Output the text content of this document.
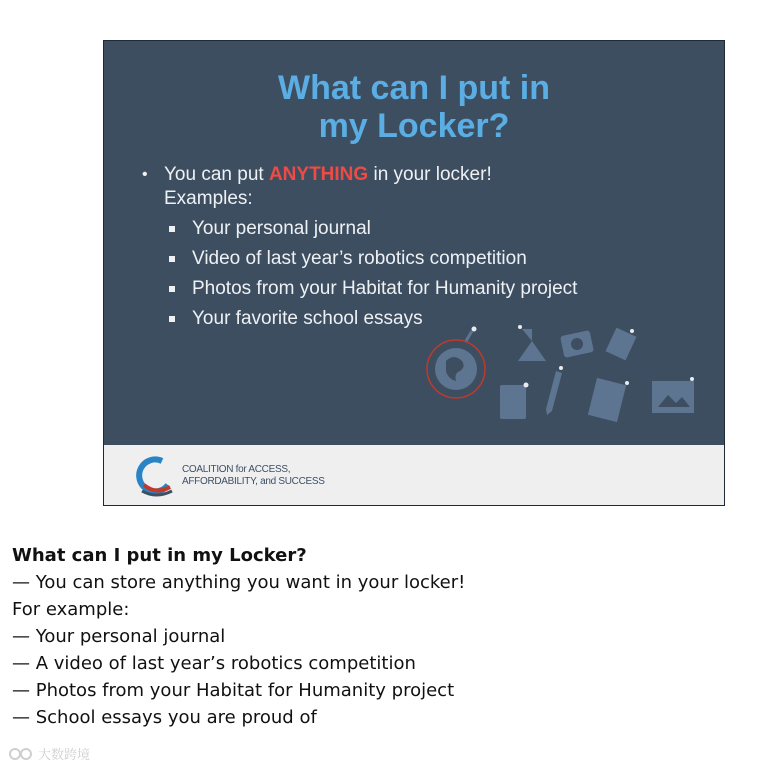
What can I put in
my Locker?
• You can put ANYTHING in your locker!
Examples:
Your personal journal
Video of last year’s robotics competition
Photos from your Habitat for Humanity project
Your favorite school essays
COALITION for ACCESS,
AFFORDABILITY, and SUCCESS
What can I put in my Locker?
— You can store anything you want in your locker!
For example:
— Your personal journal
— A video of last year’s robotics competition
— Photos from your Habitat for Humanity project
— School essays you are proud of
大数跨境
